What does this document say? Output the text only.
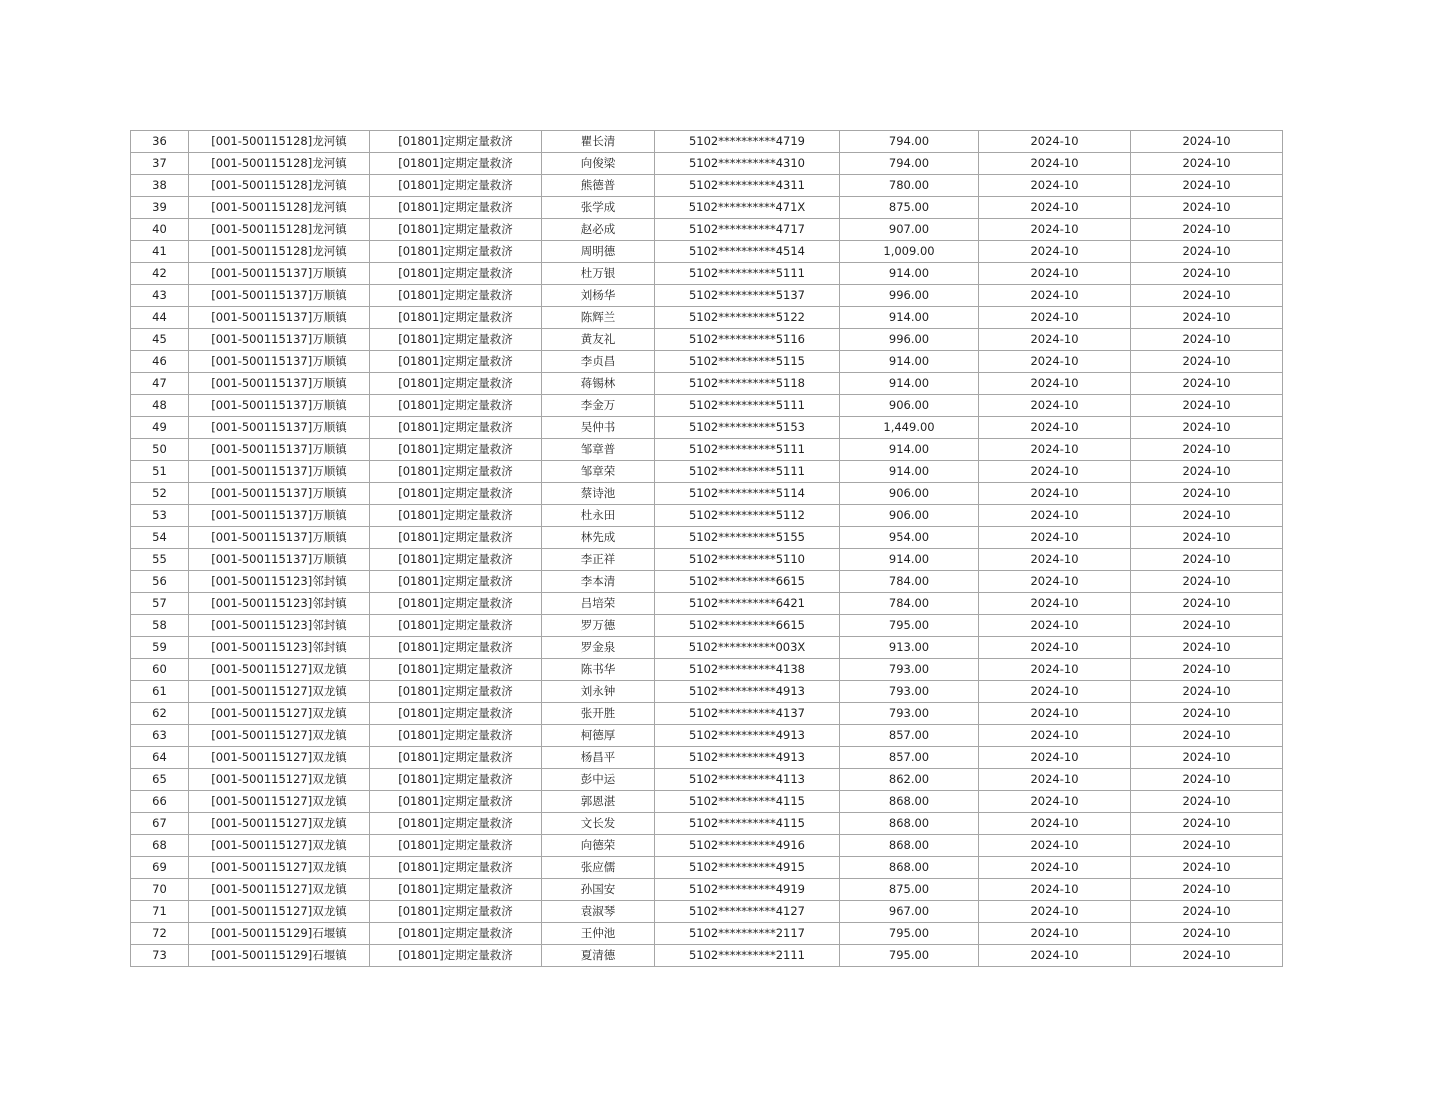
36	[001-500115128]龙河镇	[01801]定期定量救济	瞿长清	5102**********4719	794.00	2024-10	2024-10
37	[001-500115128]龙河镇	[01801]定期定量救济	向俊梁	5102**********4310	794.00	2024-10	2024-10
38	[001-500115128]龙河镇	[01801]定期定量救济	熊德普	5102**********4311	780.00	2024-10	2024-10
39	[001-500115128]龙河镇	[01801]定期定量救济	张学成	5102**********471X	875.00	2024-10	2024-10
40	[001-500115128]龙河镇	[01801]定期定量救济	赵必成	5102**********4717	907.00	2024-10	2024-10
41	[001-500115128]龙河镇	[01801]定期定量救济	周明德	5102**********4514	1,009.00	2024-10	2024-10
42	[001-500115137]万顺镇	[01801]定期定量救济	杜万银	5102**********5111	914.00	2024-10	2024-10
43	[001-500115137]万顺镇	[01801]定期定量救济	刘杨华	5102**********5137	996.00	2024-10	2024-10
44	[001-500115137]万顺镇	[01801]定期定量救济	陈辉兰	5102**********5122	914.00	2024-10	2024-10
45	[001-500115137]万顺镇	[01801]定期定量救济	黄友礼	5102**********5116	996.00	2024-10	2024-10
46	[001-500115137]万顺镇	[01801]定期定量救济	李贞昌	5102**********5115	914.00	2024-10	2024-10
47	[001-500115137]万顺镇	[01801]定期定量救济	蒋锡林	5102**********5118	914.00	2024-10	2024-10
48	[001-500115137]万顺镇	[01801]定期定量救济	李金万	5102**********5111	906.00	2024-10	2024-10
49	[001-500115137]万顺镇	[01801]定期定量救济	吴仲书	5102**********5153	1,449.00	2024-10	2024-10
50	[001-500115137]万顺镇	[01801]定期定量救济	邹章普	5102**********5111	914.00	2024-10	2024-10
51	[001-500115137]万顺镇	[01801]定期定量救济	邹章荣	5102**********5111	914.00	2024-10	2024-10
52	[001-500115137]万顺镇	[01801]定期定量救济	蔡诗池	5102**********5114	906.00	2024-10	2024-10
53	[001-500115137]万顺镇	[01801]定期定量救济	杜永田	5102**********5112	906.00	2024-10	2024-10
54	[001-500115137]万顺镇	[01801]定期定量救济	林先成	5102**********5155	954.00	2024-10	2024-10
55	[001-500115137]万顺镇	[01801]定期定量救济	李正祥	5102**********5110	914.00	2024-10	2024-10
56	[001-500115123]邻封镇	[01801]定期定量救济	李本清	5102**********6615	784.00	2024-10	2024-10
57	[001-500115123]邻封镇	[01801]定期定量救济	吕培荣	5102**********6421	784.00	2024-10	2024-10
58	[001-500115123]邻封镇	[01801]定期定量救济	罗万德	5102**********6615	795.00	2024-10	2024-10
59	[001-500115123]邻封镇	[01801]定期定量救济	罗金泉	5102**********003X	913.00	2024-10	2024-10
60	[001-500115127]双龙镇	[01801]定期定量救济	陈书华	5102**********4138	793.00	2024-10	2024-10
61	[001-500115127]双龙镇	[01801]定期定量救济	刘永钟	5102**********4913	793.00	2024-10	2024-10
62	[001-500115127]双龙镇	[01801]定期定量救济	张开胜	5102**********4137	793.00	2024-10	2024-10
63	[001-500115127]双龙镇	[01801]定期定量救济	柯德厚	5102**********4913	857.00	2024-10	2024-10
64	[001-500115127]双龙镇	[01801]定期定量救济	杨昌平	5102**********4913	857.00	2024-10	2024-10
65	[001-500115127]双龙镇	[01801]定期定量救济	彭中运	5102**********4113	862.00	2024-10	2024-10
66	[001-500115127]双龙镇	[01801]定期定量救济	郭恩湛	5102**********4115	868.00	2024-10	2024-10
67	[001-500115127]双龙镇	[01801]定期定量救济	文长发	5102**********4115	868.00	2024-10	2024-10
68	[001-500115127]双龙镇	[01801]定期定量救济	向德荣	5102**********4916	868.00	2024-10	2024-10
69	[001-500115127]双龙镇	[01801]定期定量救济	张应儒	5102**********4915	868.00	2024-10	2024-10
70	[001-500115127]双龙镇	[01801]定期定量救济	孙国安	5102**********4919	875.00	2024-10	2024-10
71	[001-500115127]双龙镇	[01801]定期定量救济	袁淑琴	5102**********4127	967.00	2024-10	2024-10
72	[001-500115129]石堰镇	[01801]定期定量救济	王仲池	5102**********2117	795.00	2024-10	2024-10
73	[001-500115129]石堰镇	[01801]定期定量救济	夏清德	5102**********2111	795.00	2024-10	2024-10
